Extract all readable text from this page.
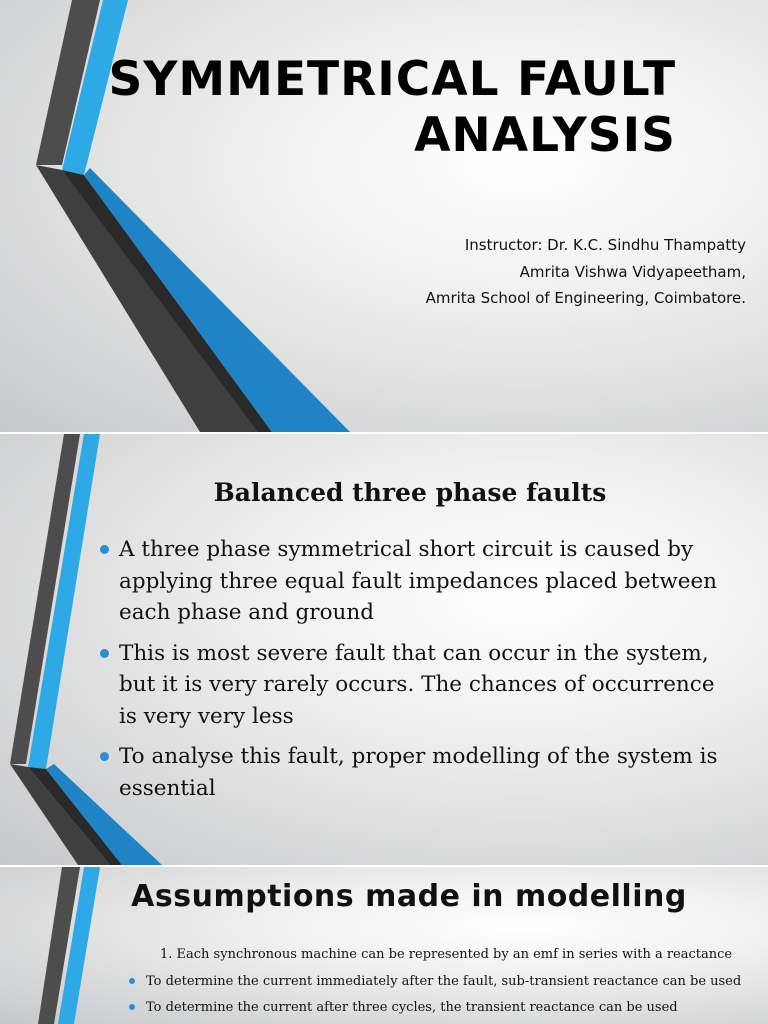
SYMMETRICAL FAULT
ANALYSIS
Instructor: Dr. K.C. Sindhu Thampatty
Amrita Vishwa Vidyapeetham,
Amrita School of Engineering, Coimbatore.
Balanced three phase faults
A three phase symmetrical short circuit is caused by applying three equal fault impedances placed between each phase and ground
This is most severe fault that can occur in the system, but it is very rarely occurs. The chances of occurrence is very very less
To analyse this fault, proper modelling of the system is essential
Assumptions made in modelling
1. Each synchronous machine can be represented by an emf in series with a reactance
To determine the current immediately after the fault, sub-transient reactance can be used
To determine the current after three cycles, the transient reactance can be used
